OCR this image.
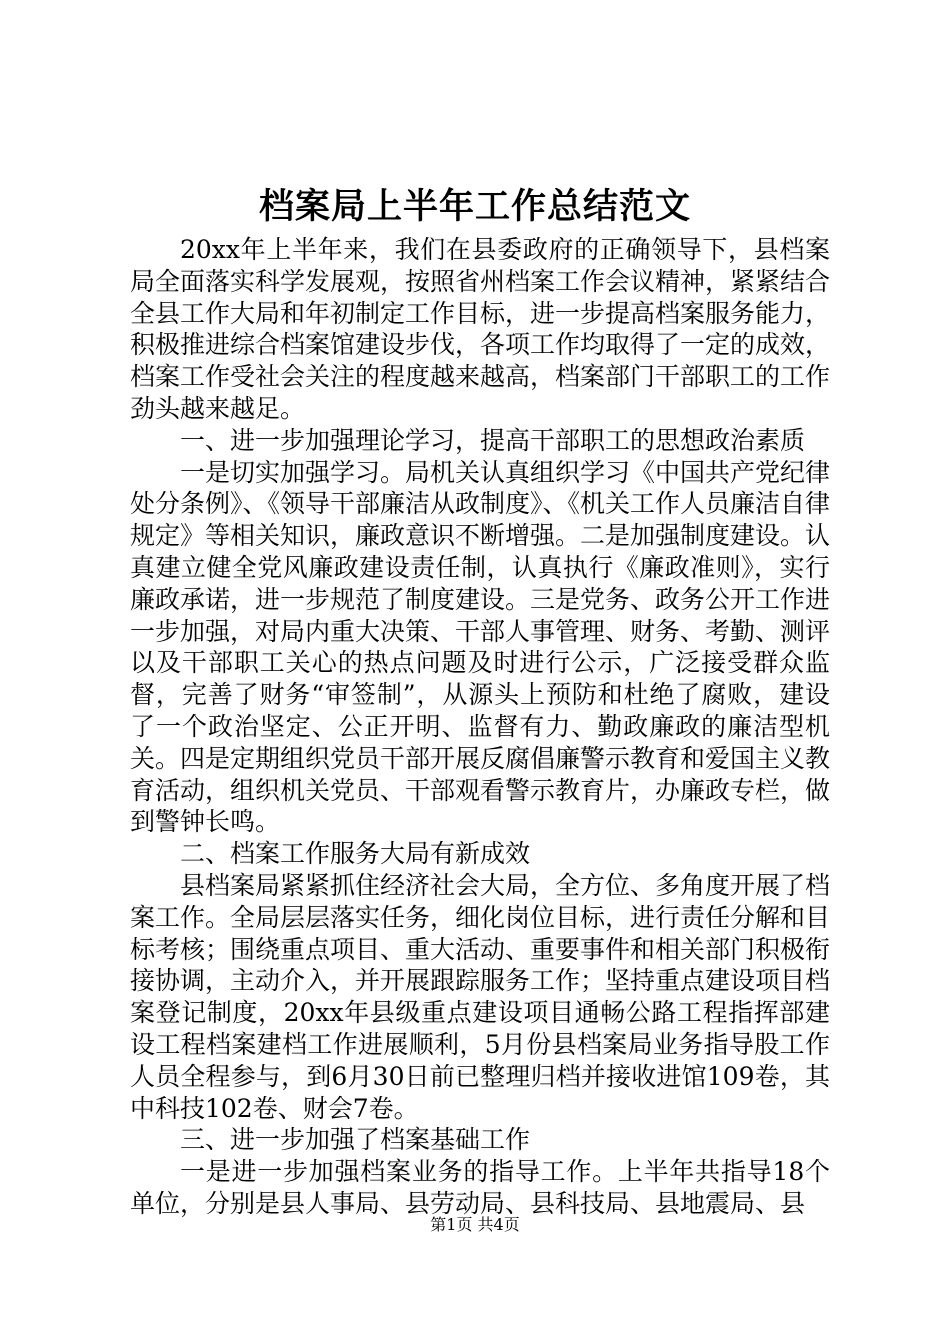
档案局上半年工作总结范文

20xx年上半年来，我们在县委政府的正确领导下，县档案局全面落实科学发展观，按照省州档案工作会议精神，紧紧结合全县工作大局和年初制定工作目标，进一步提高档案服务能力，积极推进综合档案馆建设步伐，各项工作均取得了一定的成效，档案工作受社会关注的程度越来越高，档案部门干部职工的工作劲头越来越足。

一、进一步加强理论学习，提高干部职工的思想政治素质

一是切实加强学习。局机关认真组织学习《中国共产党纪律处分条例》、《领导干部廉洁从政制度》、《机关工作人员廉洁自律规定》等相关知识，廉政意识不断增强。二是加强制度建设。认真建立健全党风廉政建设责任制，认真执行《廉政准则》，实行廉政承诺，进一步规范了制度建设。三是党务、政务公开工作进一步加强，对局内重大决策、干部人事管理、财务、考勤、测评以及干部职工关心的热点问题及时进行公示，广泛接受群众监督，完善了财务“审签制”，从源头上预防和杜绝了腐败，建设了一个政治坚定、公正开明、监督有力、勤政廉政的廉洁型机关。四是定期组织党员干部开展反腐倡廉警示教育和爱国主义教育活动，组织机关党员、干部观看警示教育片，办廉政专栏，做到警钟长鸣。

二、档案工作服务大局有新成效

县档案局紧紧抓住经济社会大局，全方位、多角度开展了档案工作。全局层层落实任务，细化岗位目标，进行责任分解和目标考核；围绕重点项目、重大活动、重要事件和相关部门积极衔接协调，主动介入，并开展跟踪服务工作；坚持重点建设项目档案登记制度，20xx年县级重点建设项目通畅公路工程指挥部建设工程档案建档工作进展顺利，5月份县档案局业务指导股工作人员全程参与，到6月30日前已整理归档并接收进馆109卷，其中科技102卷、财会7卷。

三、进一步加强了档案基础工作

一是进一步加强档案业务的指导工作。上半年共指导18个单位，分别是县人事局、县劳动局、县科技局、县地震局、县

第1页 共4页
